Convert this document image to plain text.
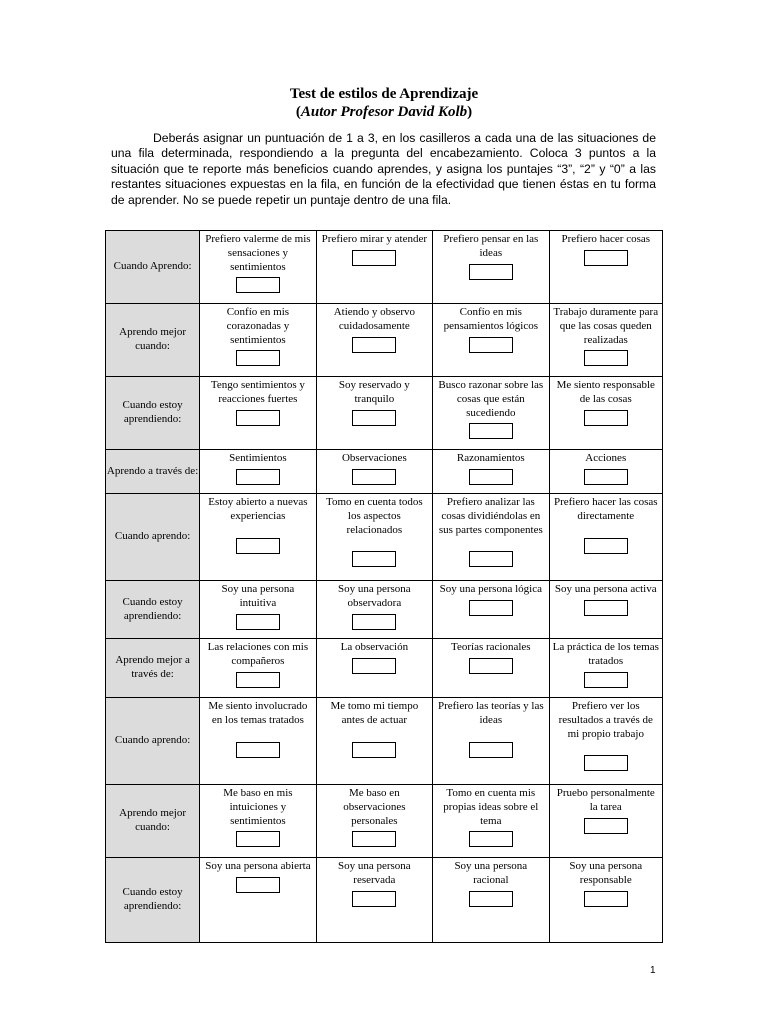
Test de estilos de Aprendizaje
(Autor Profesor David Kolb)

Deberás asignar un puntuación de 1 a 3, en los casilleros a cada una de las situaciones de una fila determinada, respondiendo a la pregunta del encabezamiento. Coloca 3 puntos a la situación que te reporte más beneficios cuando aprendes, y asigna los puntajes “3”, “2” y “0” a las restantes situaciones expuestas en la fila, en función de la efectividad que tienen éstas en tu forma de aprender. No se puede repetir un puntaje dentro de una fila.

Cuando Aprendo:	Prefiero valerme de mis sensaciones y sentimientos	Prefiero mirar y atender	Prefiero pensar en las ideas	Prefiero hacer cosas

Aprendo mejor cuando:	Confío en mis corazonadas y sentimientos	Atiendo y observo cuidadosamente	Confío en mis pensamientos lógicos	Trabajo duramente para que las cosas queden realizadas

Cuando estoy aprendiendo:	Tengo sentimientos y reacciones fuertes	Soy reservado y tranquilo	Busco razonar sobre las cosas que están sucediendo	Me siento responsable de las cosas

Aprendo a través de:	Sentimientos	Observaciones	Razonamientos	Acciones

Cuando aprendo:	Estoy abierto a nuevas experiencias	Tomo en cuenta todos los aspectos relacionados	Prefiero analizar las cosas dividiéndolas en sus partes componentes	Prefiero hacer las cosas directamente

Cuando estoy aprendiendo:	Soy una persona intuitiva	Soy una persona observadora	Soy una persona lógica	Soy una persona activa

Aprendo mejor a través de:	Las relaciones con mis compañeros	La observación	Teorías racionales	La práctica de los temas tratados

Cuando aprendo:	Me siento involucrado en los temas tratados	Me tomo mi tiempo antes de actuar	Prefiero las teorías y las ideas	Prefiero ver los resultados a través de mi propio trabajo

Aprendo mejor cuando:	Me baso en mis intuiciones y sentimientos	Me baso en observaciones personales	Tomo en cuenta mis propias ideas sobre el tema	Pruebo personalmente la tarea

Cuando estoy aprendiendo:	Soy una persona abierta	Soy una persona reservada	Soy una persona racional	Soy una persona responsable
1
